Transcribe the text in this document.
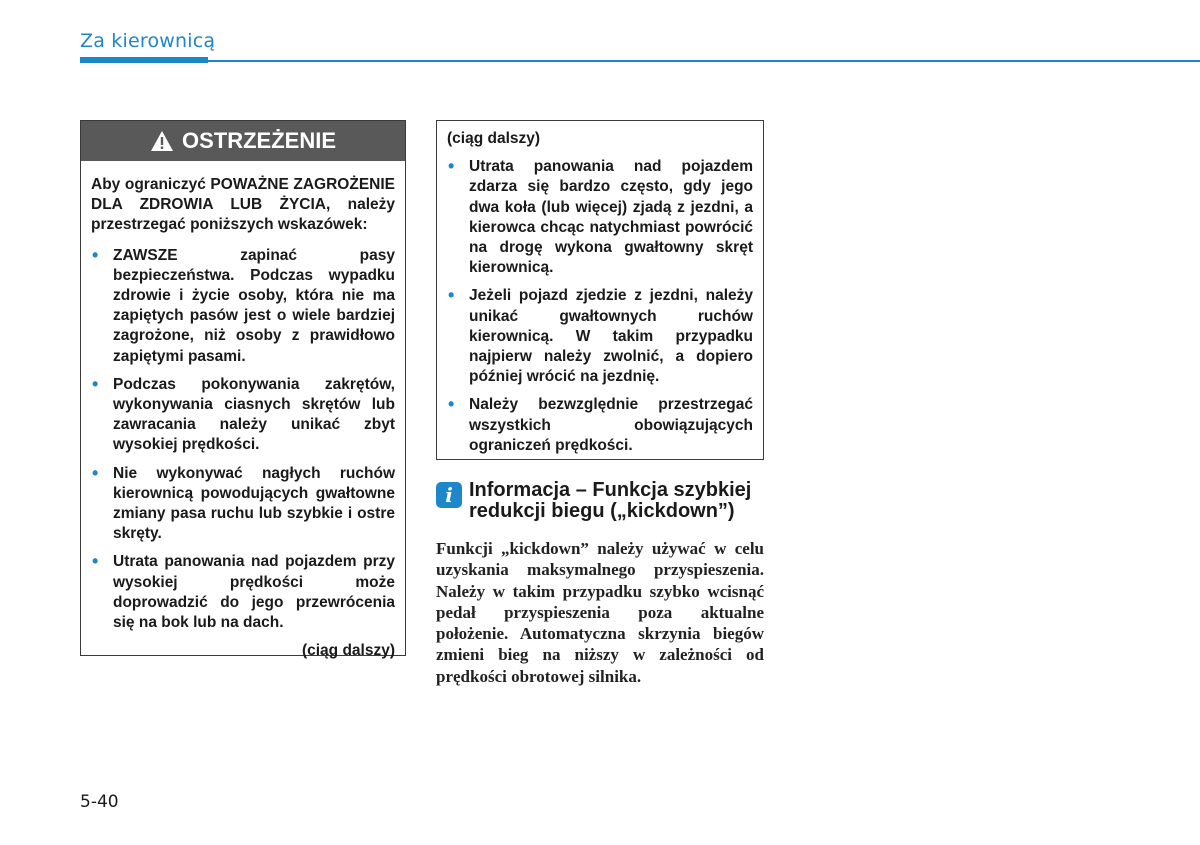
Za kierownicą
OSTRZEŻENIE

Aby ograniczyć POWAŻNE ZAGROŻENIE DLA ZDROWIA LUB ŻYCIA, należy przestrzegać poniższych wskazówek:

• ZAWSZE zapinać pasy bezpieczeństwa. Podczas wypadku zdrowie i życie osoby, która nie ma zapiętych pasów jest o wiele bardziej zagrożone, niż osoby z prawidłowo zapiętymi pasami.
• Podczas pokonywania zakrętów, wykonywania ciasnych skrętów lub zawracania należy unikać zbyt wysokiej prędkości.
• Nie wykonywać nagłych ruchów kierownicą powodujących gwałtowne zmiany pasa ruchu lub szybkie i ostre skręty.
• Utrata panowania nad pojazdem przy wysokiej prędkości może doprowadzić do jego przewrócenia się na bok lub na dach.
(ciąg dalszy)

(ciąg dalszy)

• Utrata panowania nad pojazdem zdarza się bardzo często, gdy jego dwa koła (lub więcej) zjadą z jezdni, a kierowca chcąc natychmiast powrócić na drogę wykona gwałtowny skręt kierownicą.
• Jeżeli pojazd zjedzie z jezdni, należy unikać gwałtownych ruchów kierownicą. W takim przypadku najpierw należy zwolnić, a dopiero później wrócić na jezdnię.
• Należy bezwzględnie przestrzegać wszystkich obowiązujących ograniczeń prędkości.
i Informacja – Funkcja szybkiej redukcji biegu („kickdown”)

Funkcji „kickdown” należy używać w celu uzyskania maksymalnego przyspieszenia. Należy w takim przypadku szybko wcisnąć pedał przyspieszenia poza aktualne położenie. Automatyczna skrzynia biegów zmieni bieg na niższy w zależności od prędkości obrotowej silnika.

5-40
